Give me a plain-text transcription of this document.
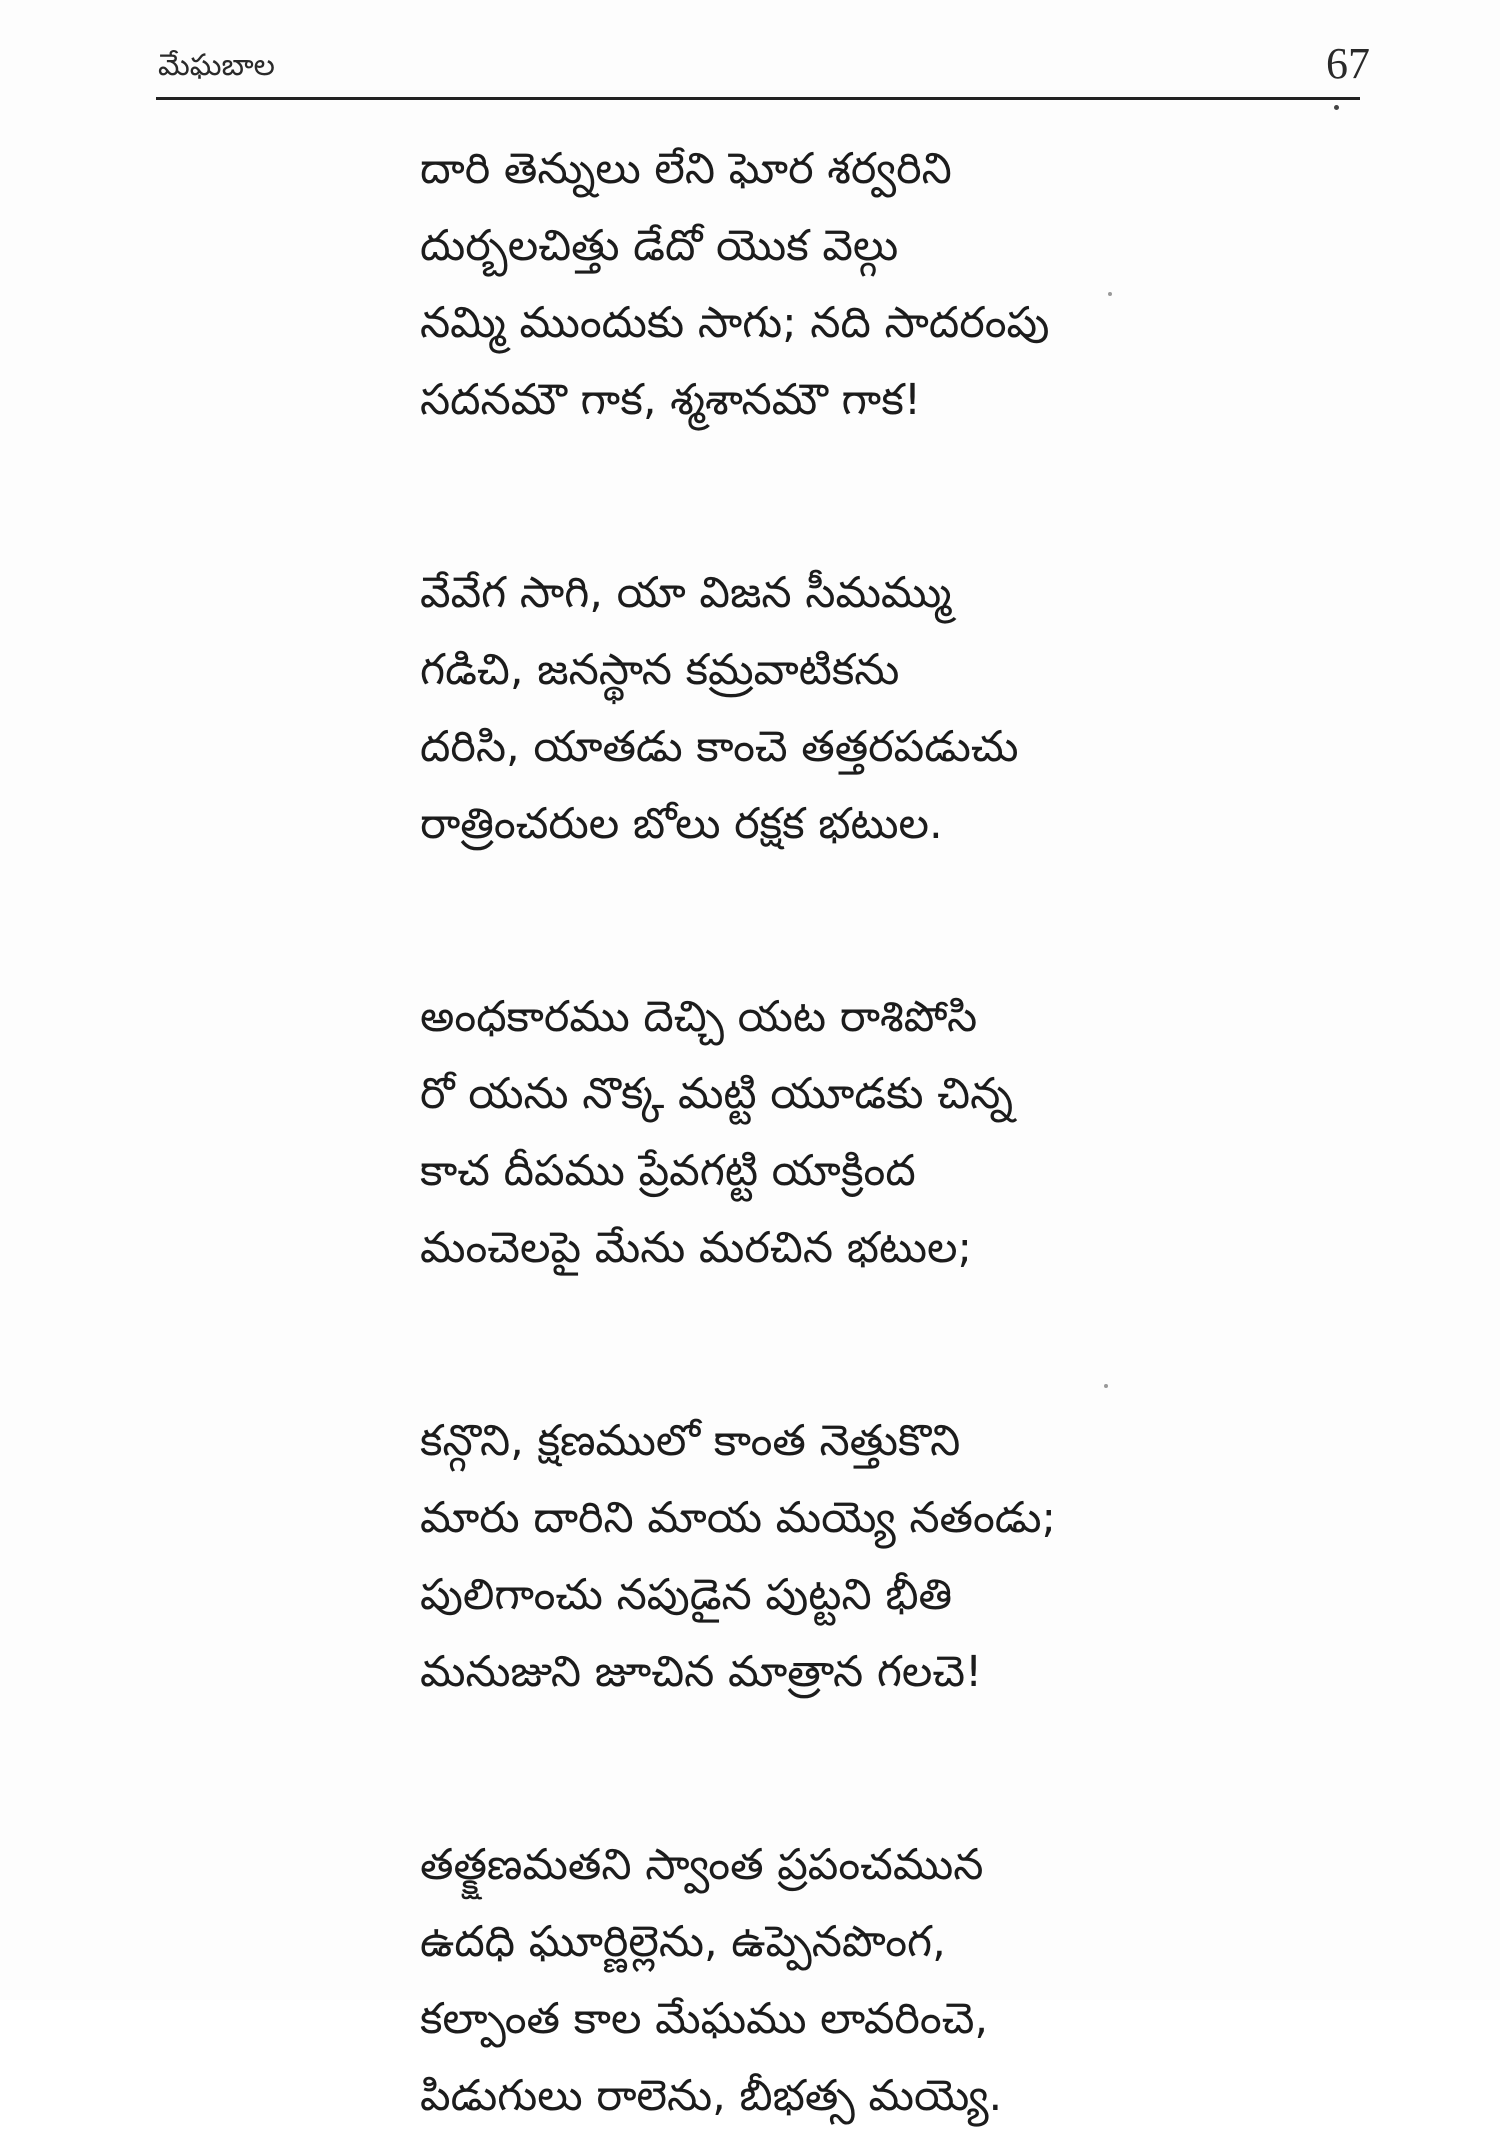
మేఘబాల	67
దారి తెన్నులు లేని ఘోర శర్వరిని
దుర్బలచిత్తు డేదో యొక వెల్గు
నమ్మి ముందుకు సాగు; నది సాదరంపు
సదనమౌ గాక, శ్మశానమౌ గాక!
వేవేగ సాగి, యా విజన సీమమ్ము
గడిచి, జనస్థాన కమ్రవాటికను
దరిసి, యాతడు కాంచె తత్తరపడుచు
రాత్రించరుల బోలు రక్షక భటుల.
అంధకారము దెచ్చి యట రాశిపోసి
రో యను నొక్క మట్టి యూడకు చిన్న
కాచ దీపము ప్రేవగట్టి యాక్రింద
మంచెలపై మేను మరచిన భటుల;
కన్గొని, క్షణములో కాంత నెత్తుకొని
మారు దారిని మాయ మయ్యె నతండు;
పులిగాంచు నపుడైన పుట్టని భీతి
మనుజుని జూచిన మాత్రాన గలచె!
తత్క్షణమతని స్వాంత ప్రపంచమున
ఉదధి ఘూర్ణిల్లెను, ఉప్పెనపొంగ,
కల్పాంత కాల మేఘము లావరించె,
పిడుగులు రాలెను, బీభత్స మయ్యె.
